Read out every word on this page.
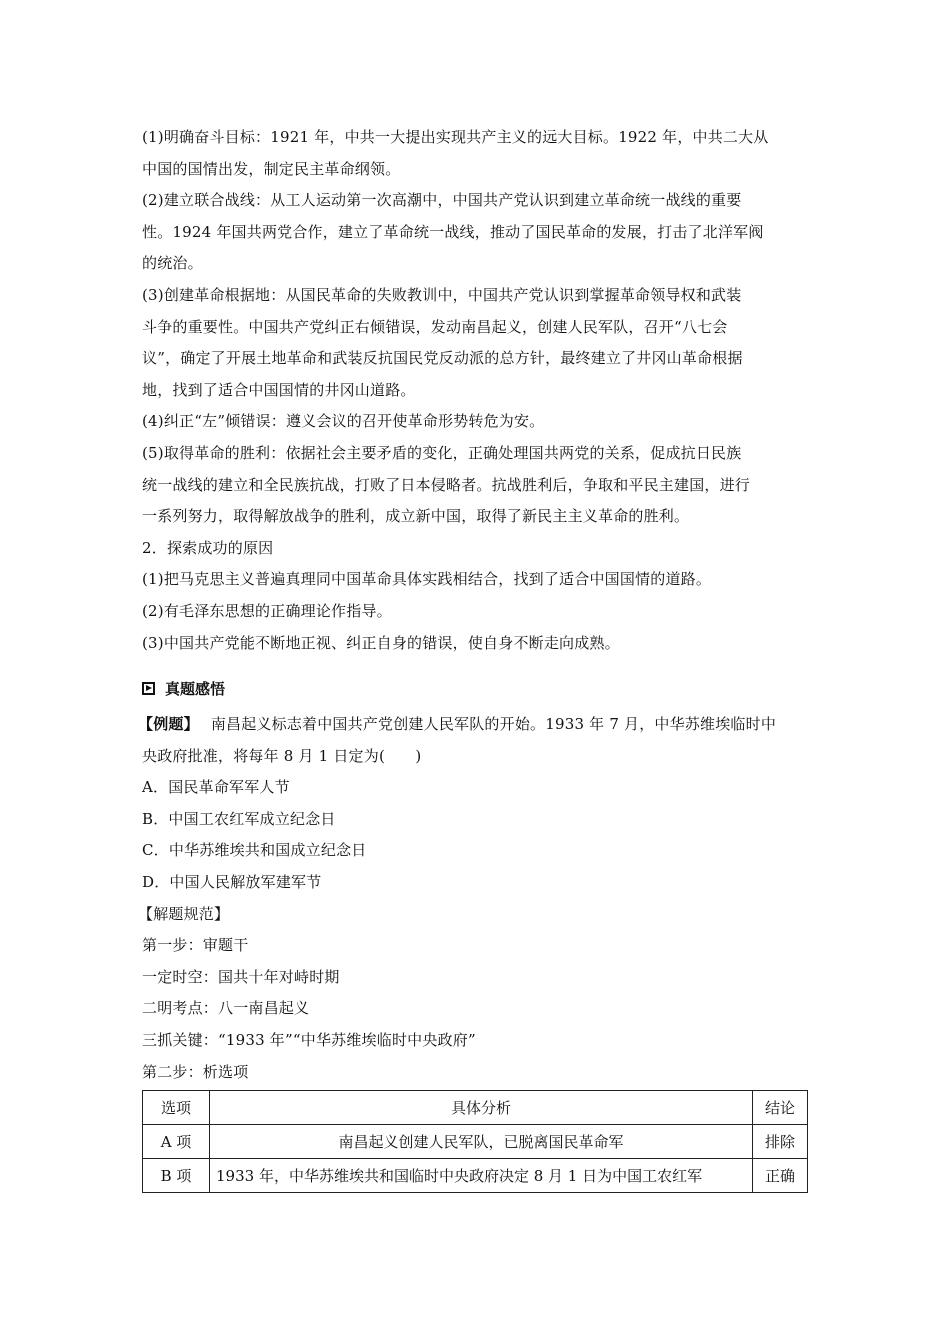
(1)明确奋斗目标：1921 年，中共一大提出实现共产主义的远大目标。1922 年，中共二大从
中国的国情出发，制定民主革命纲领。
(2)建立联合战线：从工人运动第一次高潮中，中国共产党认识到建立革命统一战线的重要
性。1924 年国共两党合作，建立了革命统一战线，推动了国民革命的发展，打击了北洋军阀
的统治。
(3)创建革命根据地：从国民革命的失败教训中，中国共产党认识到掌握革命领导权和武装
斗争的重要性。中国共产党纠正右倾错误，发动南昌起义，创建人民军队，召开“八七会
议”，确定了开展土地革命和武装反抗国民党反动派的总方针，最终建立了井冈山革命根据
地，找到了适合中国国情的井冈山道路。
(4)纠正“左”倾错误：遵义会议的召开使革命形势转危为安。
(5)取得革命的胜利：依据社会主要矛盾的变化，正确处理国共两党的关系，促成抗日民族
统一战线的建立和全民族抗战，打败了日本侵略者。抗战胜利后，争取和平民主建国，进行
一系列努力，取得解放战争的胜利，成立新中国，取得了新民主主义革命的胜利。
2．探索成功的原因
(1)把马克思主义普遍真理同中国革命具体实践相结合，找到了适合中国国情的道路。
(2)有毛泽东思想的正确理论作指导。
(3)中国共产党能不断地正视、纠正自身的错误，使自身不断走向成熟。
真题感悟
【例题】 南昌起义标志着中国共产党创建人民军队的开始。1933 年 7 月，中华苏维埃临时中
央政府批准，将每年 8 月 1 日定为(　　)
A．国民革命军军人节
B．中国工农红军成立纪念日
C．中华苏维埃共和国成立纪念日
D．中国人民解放军建军节
【解题规范】
第一步：审题干
一定时空：国共十年对峙时期
二明考点：八一南昌起义
三抓关键：“1933 年”“中华苏维埃临时中央政府”
第二步：析选项
选项	具体分析	结论
A 项	南昌起义创建人民军队，已脱离国民革命军	排除
B 项	1933 年，中华苏维埃共和国临时中央政府决定 8 月 1 日为中国工农红军	正确
